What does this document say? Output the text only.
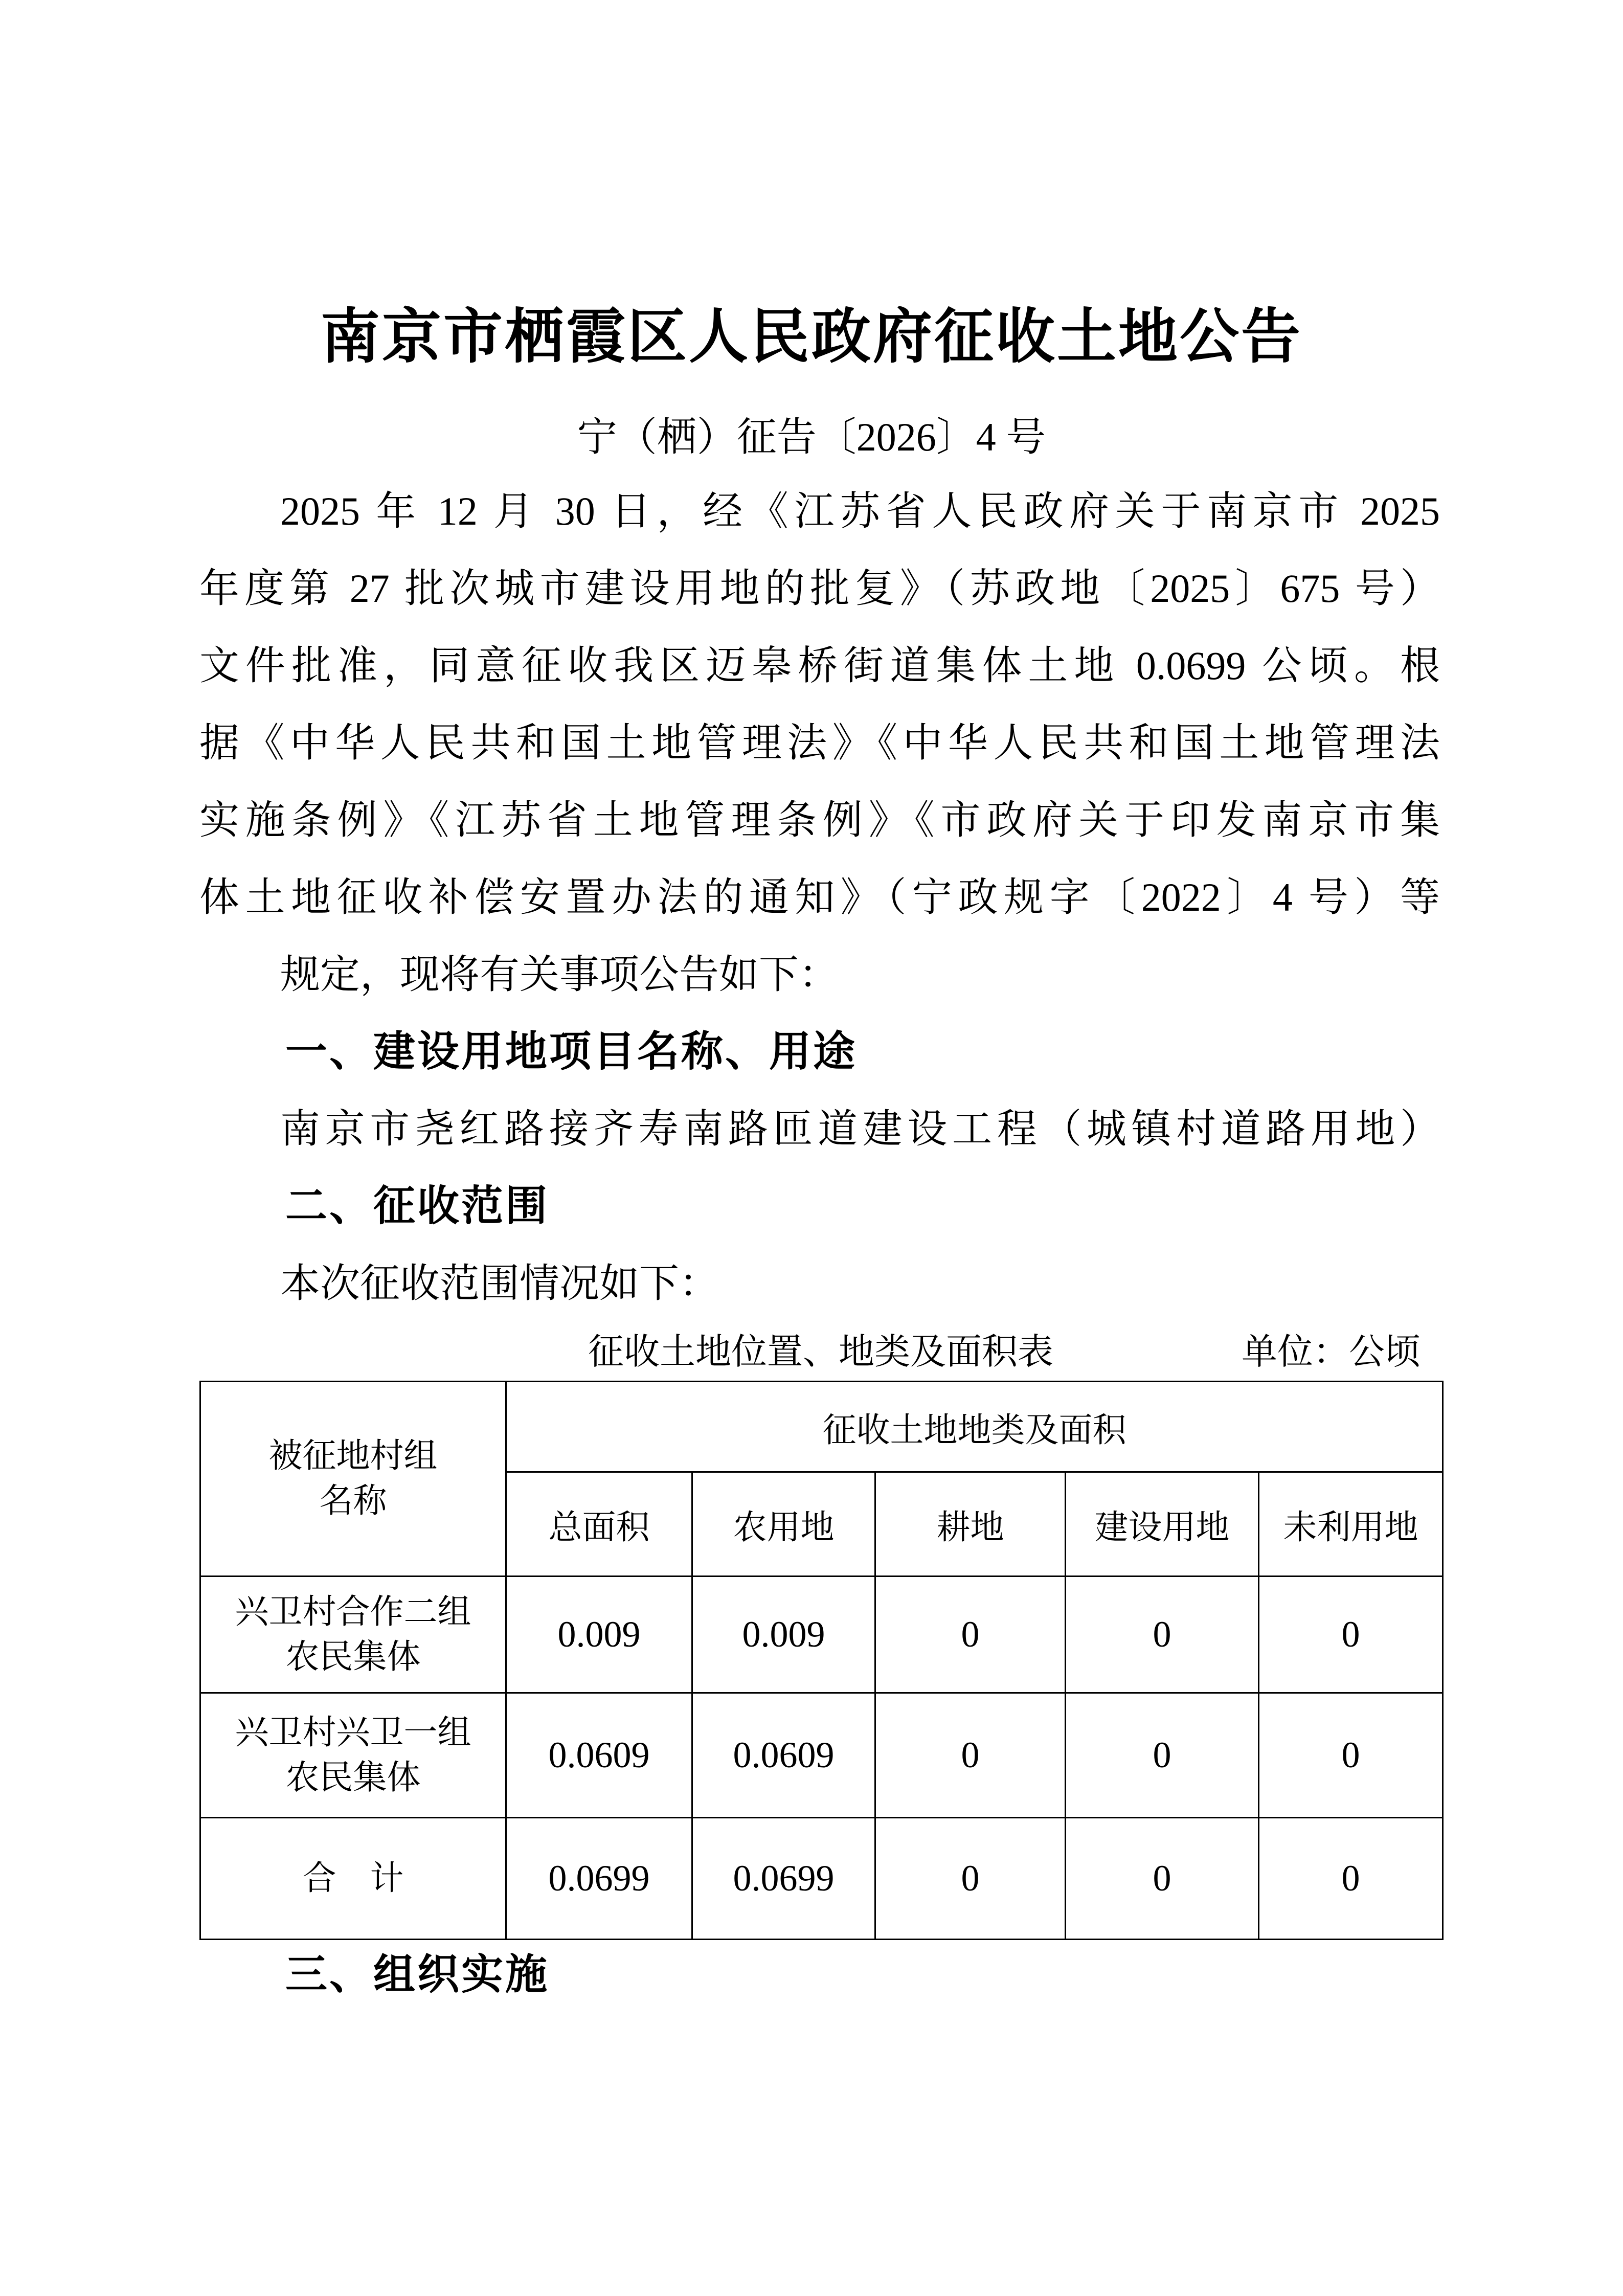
南京市栖霞区人民政府征收土地公告
宁（栖）征告〔2026〕4 号
2025 年 12 月 30 日，经《江苏省人民政府关于南京市 2025
年度第 27 批次城市建设用地的批复》（苏政地〔2025〕675 号）
文件批准，同意征收我区迈皋桥街道集体土地 0.0699 公顷。根
据《中华人民共和国土地管理法》《中华人民共和国土地管理法
实施条例》《江苏省土地管理条例》《市政府关于印发南京市集
体土地征收补偿安置办法的通知》（宁政规字〔2022〕4 号）等
规定，现将有关事项公告如下：
一、建设用地项目名称、用途
南京市尧红路接齐寿南路匝道建设工程（城镇村道路用地）
二、征收范围
本次征收范围情况如下：
征收土地位置、地类及面积表	单位：公顷
被征地村组
名称	征收土地地类及面积				
	总面积	农用地	耕地	建设用地	未利用地

兴卫村合作二组
农民集体	0.009	0.009	0	0	0

兴卫村兴卫一组
农民集体	0.0609	0.0609	0	0	0

合　计	0.0699	0.0699	0	0	0
三、组织实施
